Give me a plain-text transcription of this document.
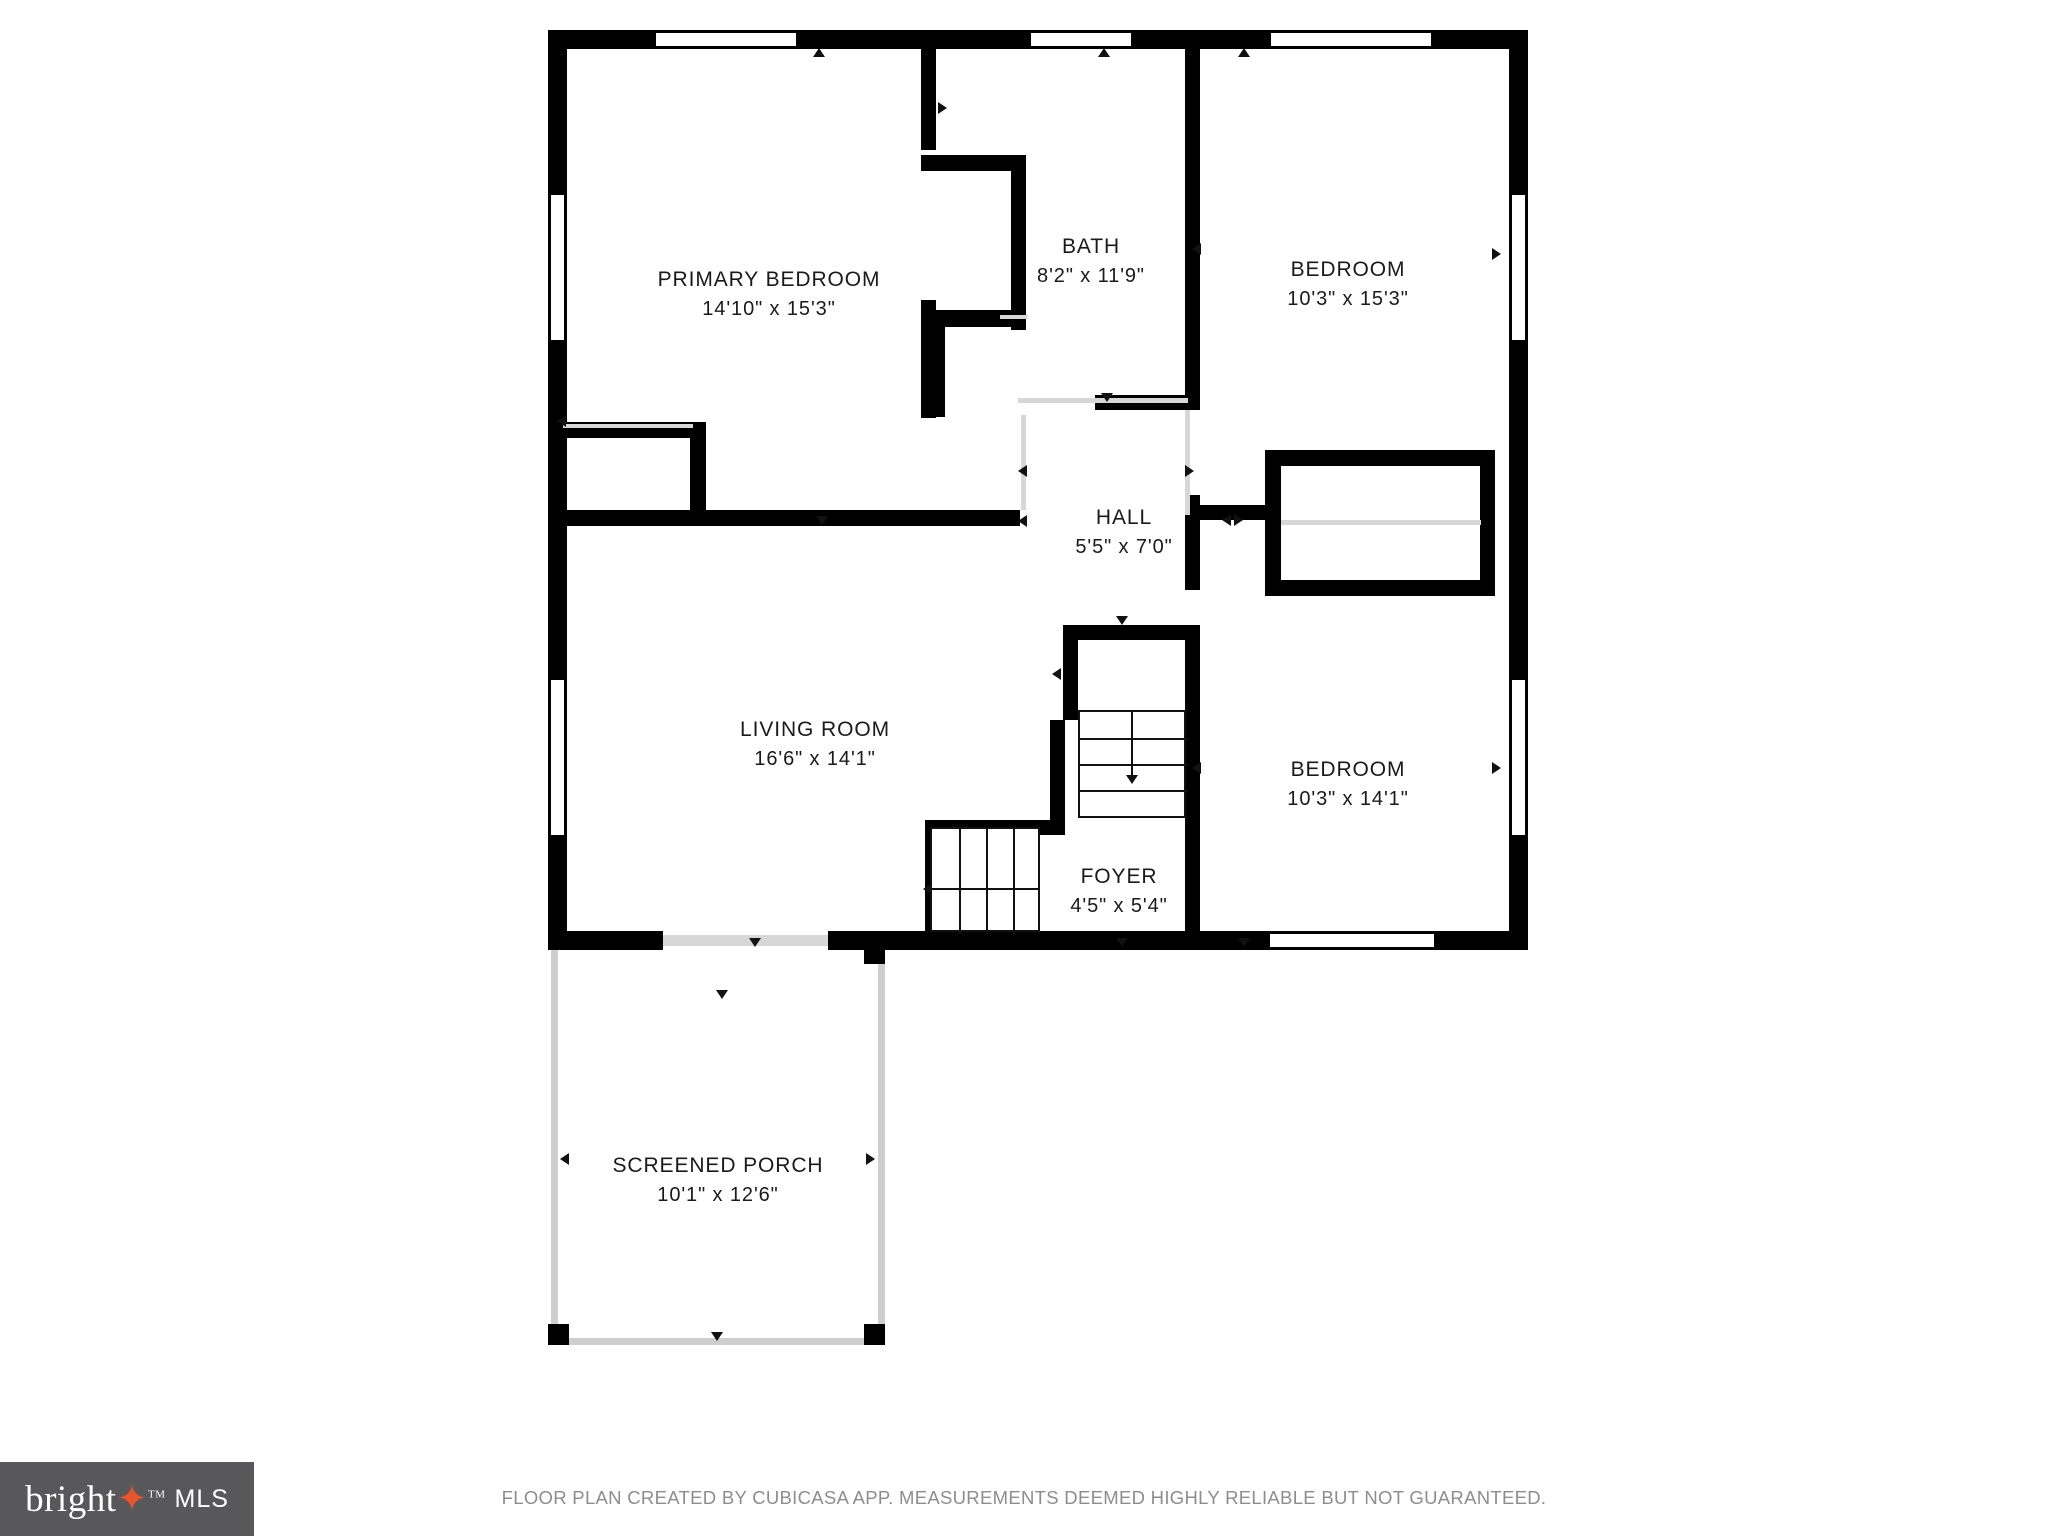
PRIMARY BEDROOM
14'10" x 15'3"
BATH
8'2" x 11'9"	BEDROOM
10'3" x 15'3"
HALL
5'5" x 7'0"
LIVING ROOM
16'6" x 14'1"	BEDROOM
10'3" x 14'1"
FOYER
4'5" x 5'4"
SCREENED PORCH
10'1" x 12'6"
FLOOR PLAN CREATED BY CUBICASA APP. MEASUREMENTS DEEMED HIGHLY RELIABLE BUT NOT GUARANTEED.
bright✦™ MLS
